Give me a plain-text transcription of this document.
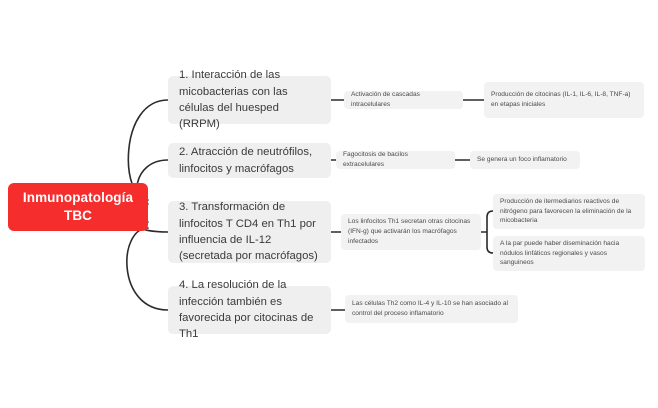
Inmunopatología
TBC
1. Interacción de las micobacterias con las células del huesped (RRPM)
Activación de cascadas intracelulares
Producción de citocinas (IL-1, IL-6, IL-8, TNF-a) en etapas iniciales
2. Atracción de neutrófilos, linfocitos y macrófagos
Fagocitosis de bacilos extracelulares
Se genera un foco inflamatorio
3. Transformación de linfocitos T CD4 en Th1 por influencia de IL-12 (secretada por macrófagos)
Los linfocitos Th1 secretan otras citocinas (IFN-g) que activarán los macrófagos infectados
Producción de itermediarios reactivos de nitrógeno para favorecen la eliminación de la micobacteria
A la par puede haber diseminación hacia nódulos linfáticos regionales y vasos sanguineos
4. La resolución de la infección también es favorecida por citocinas de Th1
Las células Th2 como IL-4 y IL-10 se han asociado al control del proceso inflamatorio
